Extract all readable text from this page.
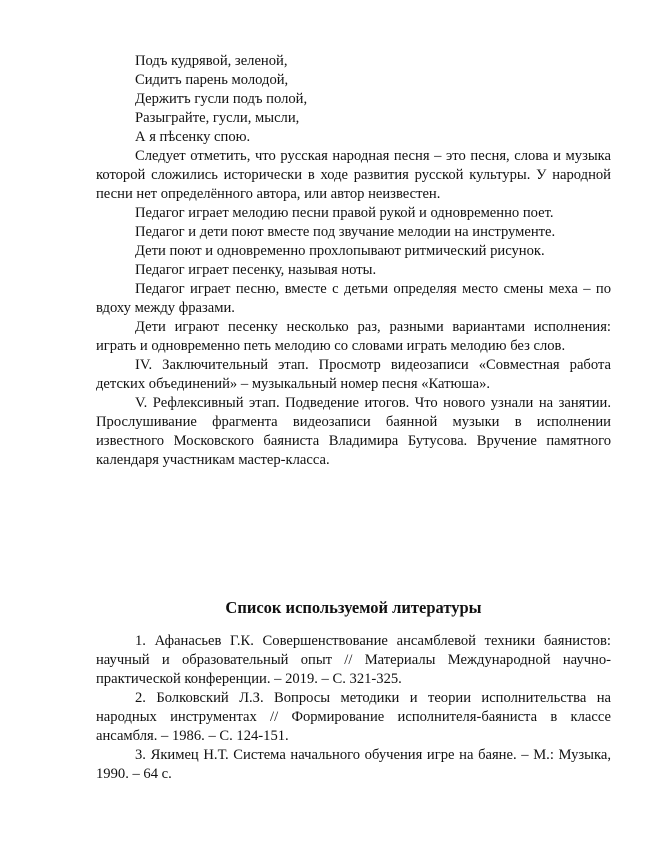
Подъ кудрявой, зеленой,
Сидитъ парень молодой,
Держитъ гусли подъ полой,
Разыграйте, гусли, мысли,
А я пѣсенку спою.

Следует отметить, что русская народная песня – это песня, слова и музыка которой сложились исторически в ходе развития русской культуры. У народной песни нет определённого автора, или автор неизвестен.

Педагог играет мелодию песни правой рукой и одновременно поет.

Педагог и дети поют вместе под звучание мелодии на инструменте.

Дети поют и одновременно прохлопывают ритмический рисунок.

Педагог играет песенку, называя ноты.

Педагог играет песню, вместе с детьми определяя место смены меха – по вдоху между фразами.

Дети играют песенку несколько раз, разными вариантами исполнения: играть и одновременно петь мелодию со словами играть мелодию без слов.

IV. Заключительный этап. Просмотр видеозаписи «Совместная работа детских объединений» – музыкальный номер песня «Катюша».

V. Рефлексивный этап. Подведение итогов. Что нового узнали на занятии. Прослушивание фрагмента видеозаписи баянной музыки в исполнении известного Московского баяниста Владимира Бутусова. Вручение памятного календаря участникам мастер-класса.

Список используемой литературы

1. Афанасьев Г.К. Совершенствование ансамблевой техники баянистов: научный и образовательный опыт // Материалы Международной научно-практической конференции. – 2019. – С. 321-325.

2. Болковский Л.З. Вопросы методики и теории исполнительства на народных инструментах // Формирование исполнителя-баяниста в классе ансамбля. – 1986. – С. 124-151.

3. Якимец Н.Т. Система начального обучения игре на баяне. – М.: Музыка, 1990. – 64 с.
